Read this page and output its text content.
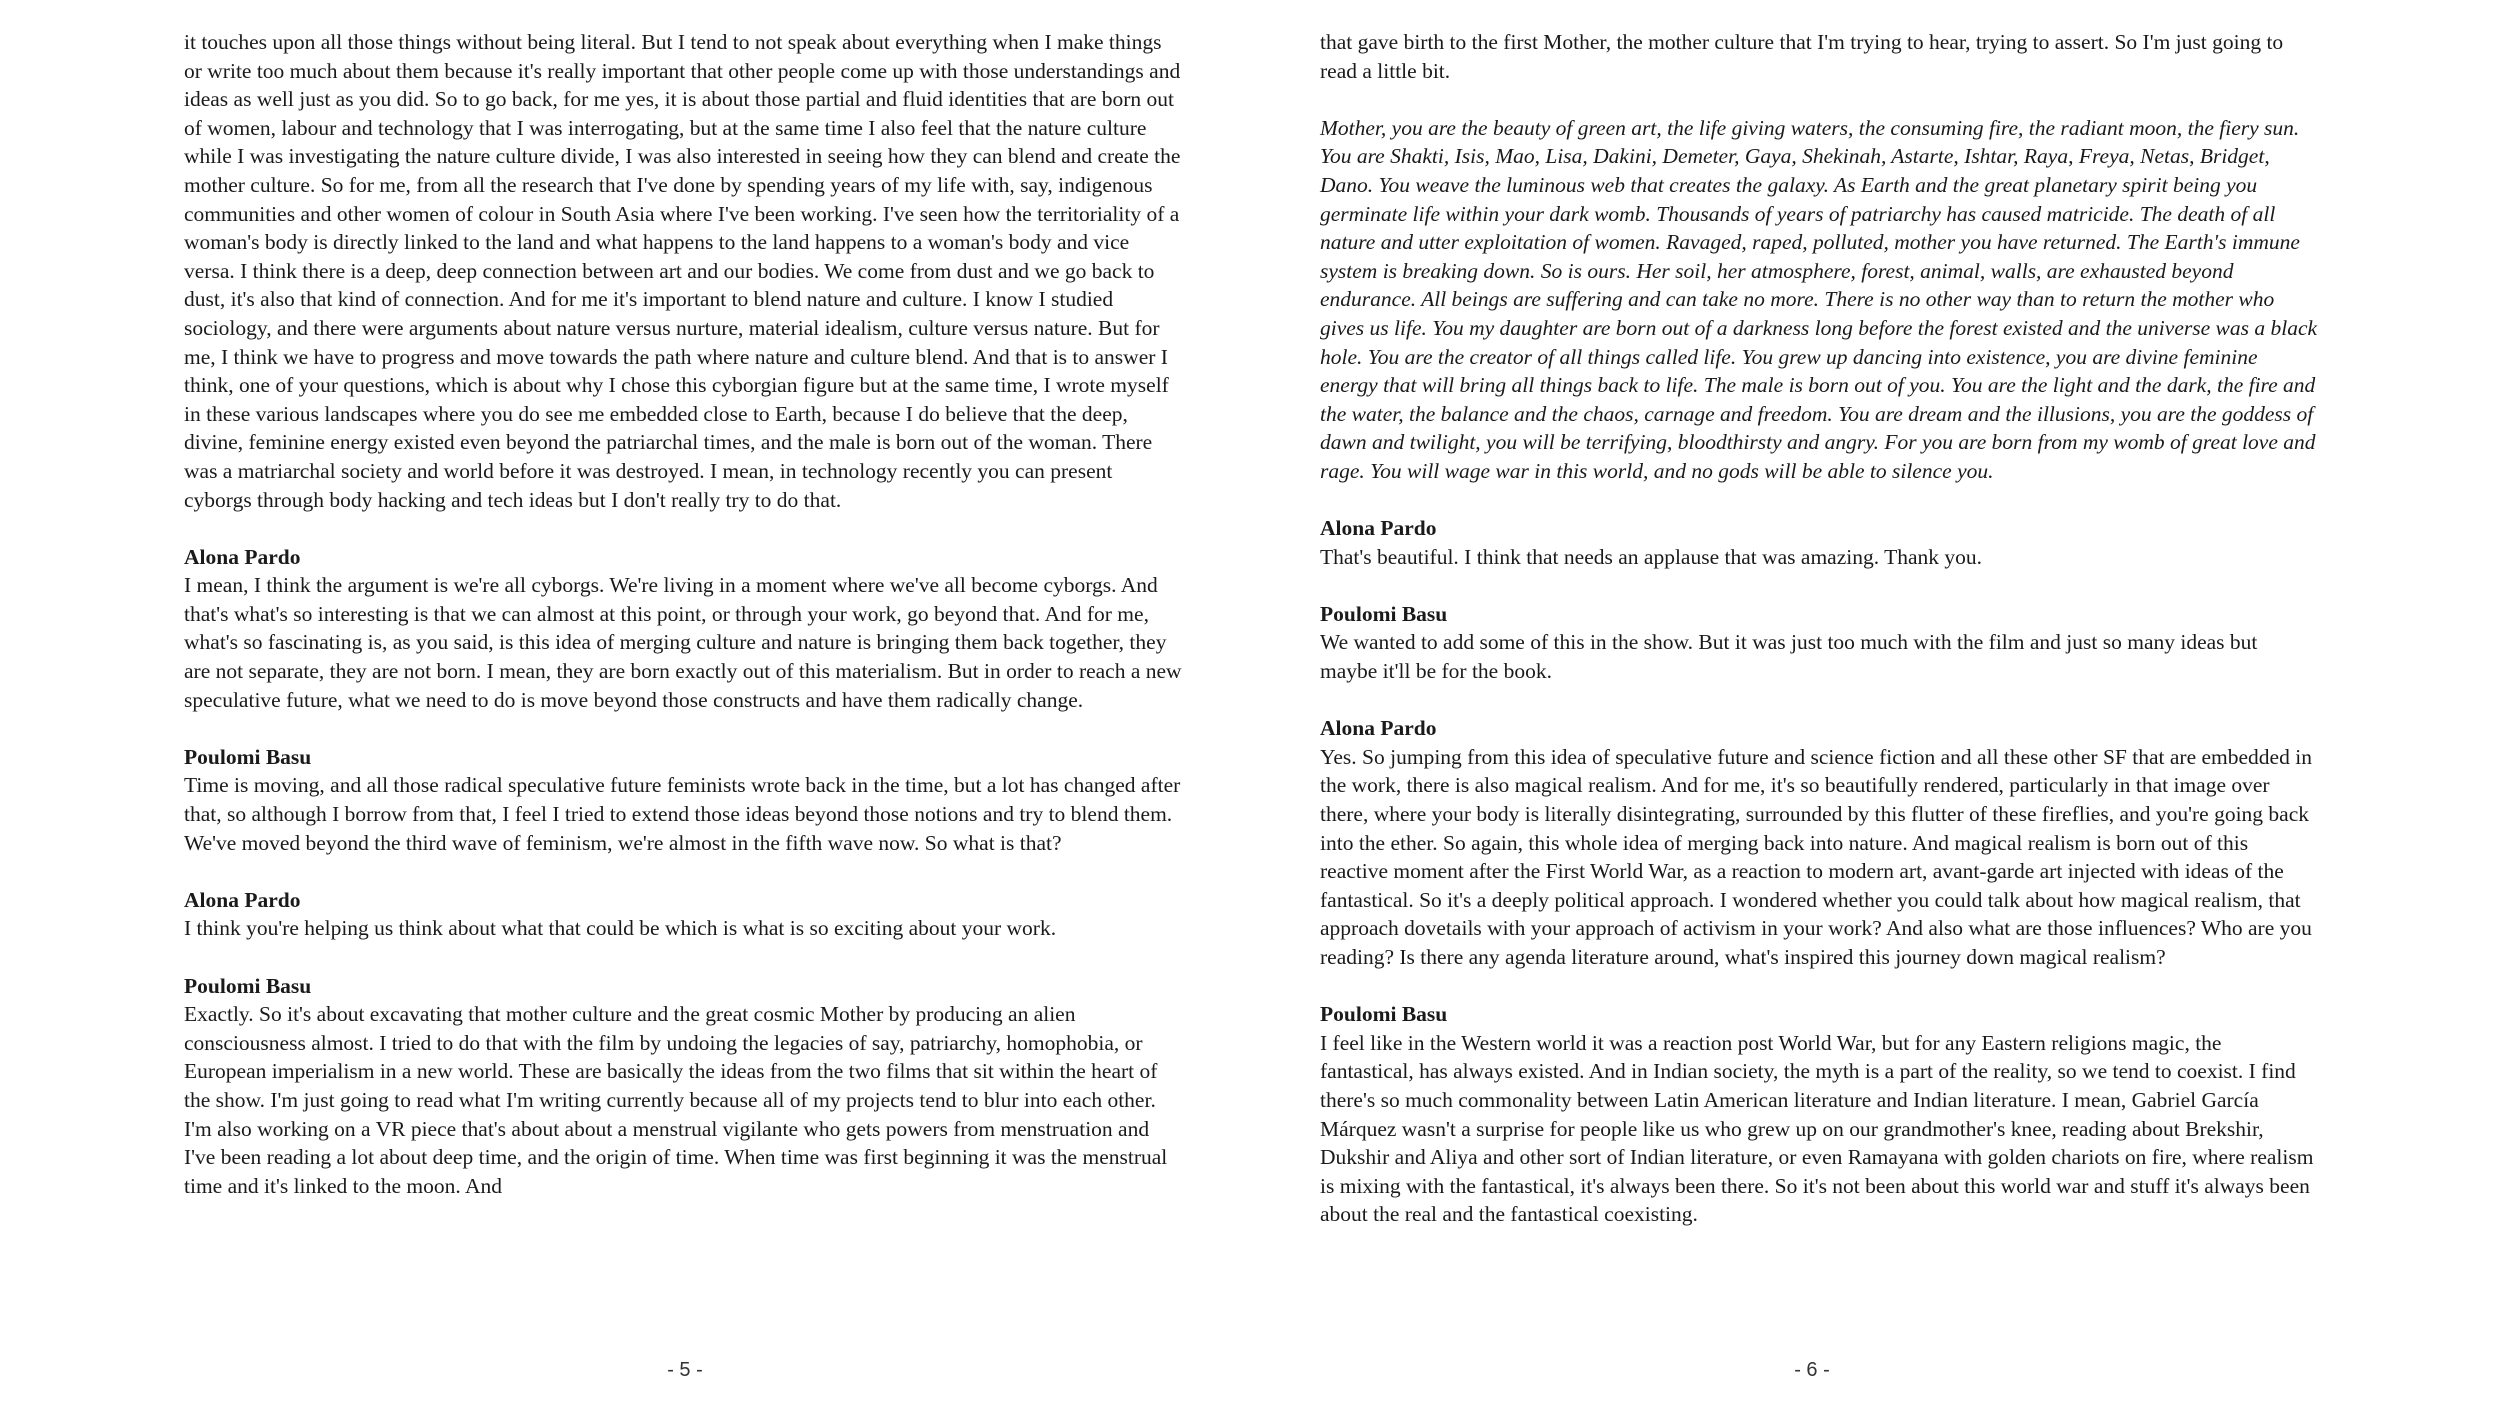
it touches upon all those things without being literal. But I tend to not speak about everything when I make things or write too much about them because it's really important that other people come up with those understandings and ideas as well just as you did. So to go back, for me yes, it is about those partial and fluid identities that are born out of women, labour and technology that I was interrogating, but at the same time I also feel that the nature culture while I was investigating the nature culture divide, I was also interested in seeing how they can blend and create the mother culture. So for me, from all the research that I've done by spending years of my life with, say, indigenous communities and other women of colour in South Asia where I've been working. I've seen how the territoriality of a woman's body is directly linked to the land and what happens to the land happens to a woman's body and vice versa. I think there is a deep, deep connection between art and our bodies. We come from dust and we go back to dust, it's also that kind of connection. And for me it's important to blend nature and culture. I know I studied sociology, and there were arguments about nature versus nurture, material idealism, culture versus nature. But for me, I think we have to progress and move towards the path where nature and culture blend. And that is to answer I think, one of your questions, which is about why I chose this cyborgian figure but at the same time, I wrote myself in these various landscapes where you do see me embedded close to Earth, because I do believe that the deep, divine, feminine energy existed even beyond the patriarchal times, and the male is born out of the woman. There was a matriarchal society and world before it was destroyed. I mean, in technology recently you can present cyborgs through body hacking and tech ideas but I don't really try to do that.

Alona Pardo
I mean, I think the argument is we're all cyborgs. We're living in a moment where we've all become cyborgs. And that's what's so interesting is that we can almost at this point, or through your work, go beyond that. And for me, what's so fascinating is, as you said, is this idea of merging culture and nature is bringing them back together, they are not separate, they are not born. I mean, they are born exactly out of this materialism. But in order to reach a new speculative future, what we need to do is move beyond those constructs and have them radically change.

Poulomi Basu
Time is moving, and all those radical speculative future feminists wrote back in the time, but a lot has changed after that, so although I borrow from that, I feel I tried to extend those ideas beyond those notions and try to blend them. We've moved beyond the third wave of feminism, we're almost in the fifth wave now. So what is that?

Alona Pardo
I think you're helping us think about what that could be which is what is so exciting about your work.

Poulomi Basu
Exactly. So it's about excavating that mother culture and the great cosmic Mother by producing an alien consciousness almost. I tried to do that with the film by undoing the legacies of say, patriarchy, homophobia, or European imperialism in a new world. These are basically the ideas from the two films that sit within the heart of the show. I'm just going to read what I'm writing currently because all of my projects tend to blur into each other. I'm also working on a VR piece that's about about a menstrual vigilante who gets powers from menstruation and I've been reading a lot about deep time, and the origin of time. When time was first beginning it was the menstrual time and it's linked to the moon. And

- 5 -

that gave birth to the first Mother, the mother culture that I'm trying to hear, trying to assert. So I'm just going to read a little bit.

Mother, you are the beauty of green art, the life giving waters, the consuming fire, the radiant moon, the fiery sun. You are Shakti, Isis, Mao, Lisa, Dakini, Demeter, Gaya, Shekinah, Astarte, Ishtar, Raya, Freya, Netas, Bridget, Dano. You weave the luminous web that creates the galaxy. As Earth and the great planetary spirit being you germinate life within your dark womb. Thousands of years of patriarchy has caused matricide. The death of all nature and utter exploitation of women. Ravaged, raped, polluted, mother you have returned. The Earth's immune system is breaking down. So is ours. Her soil, her atmosphere, forest, animal, walls, are exhausted beyond endurance. All beings are suffering and can take no more. There is no other way than to return the mother who gives us life. You my daughter are born out of a darkness long before the forest existed and the universe was a black hole. You are the creator of all things called life. You grew up dancing into existence, you are divine feminine energy that will bring all things back to life. The male is born out of you. You are the light and the dark, the fire and the water, the balance and the chaos, carnage and freedom. You are dream and the illusions, you are the goddess of dawn and twilight, you will be terrifying, bloodthirsty and angry. For you are born from my womb of great love and rage. You will wage war in this world, and no gods will be able to silence you.

Alona Pardo
That's beautiful. I think that needs an applause that was amazing. Thank you.

Poulomi Basu
We wanted to add some of this in the show. But it was just too much with the film and just so many ideas but maybe it'll be for the book.

Alona Pardo
Yes. So jumping from this idea of speculative future and science fiction and all these other SF that are embedded in the work, there is also magical realism. And for me, it's so beautifully rendered, particularly in that image over there, where your body is literally disintegrating, surrounded by this flutter of these fireflies, and you're going back into the ether. So again, this whole idea of merging back into nature. And magical realism is born out of this reactive moment after the First World War, as a reaction to modern art, avant-garde art injected with ideas of the fantastical. So it's a deeply political approach. I wondered whether you could talk about how magical realism, that approach dovetails with your approach of activism in your work? And also what are those influences? Who are you reading? Is there any agenda literature around, what's inspired this journey down magical realism?

Poulomi Basu
I feel like in the Western world it was a reaction post World War, but for any Eastern religions magic, the fantastical, has always existed. And in Indian society, the myth is a part of the reality, so we tend to coexist. I find there's so much commonality between Latin American literature and Indian literature. I mean, Gabriel García Márquez wasn't a surprise for people like us who grew up on our grandmother's knee, reading about Brekshir, Dukshir and Aliya and other sort of Indian literature, or even Ramayana with golden chariots on fire, where realism is mixing with the fantastical, it's always been there. So it's not been about this world war and stuff it's always been about the real and the fantastical coexisting.

- 6 -
